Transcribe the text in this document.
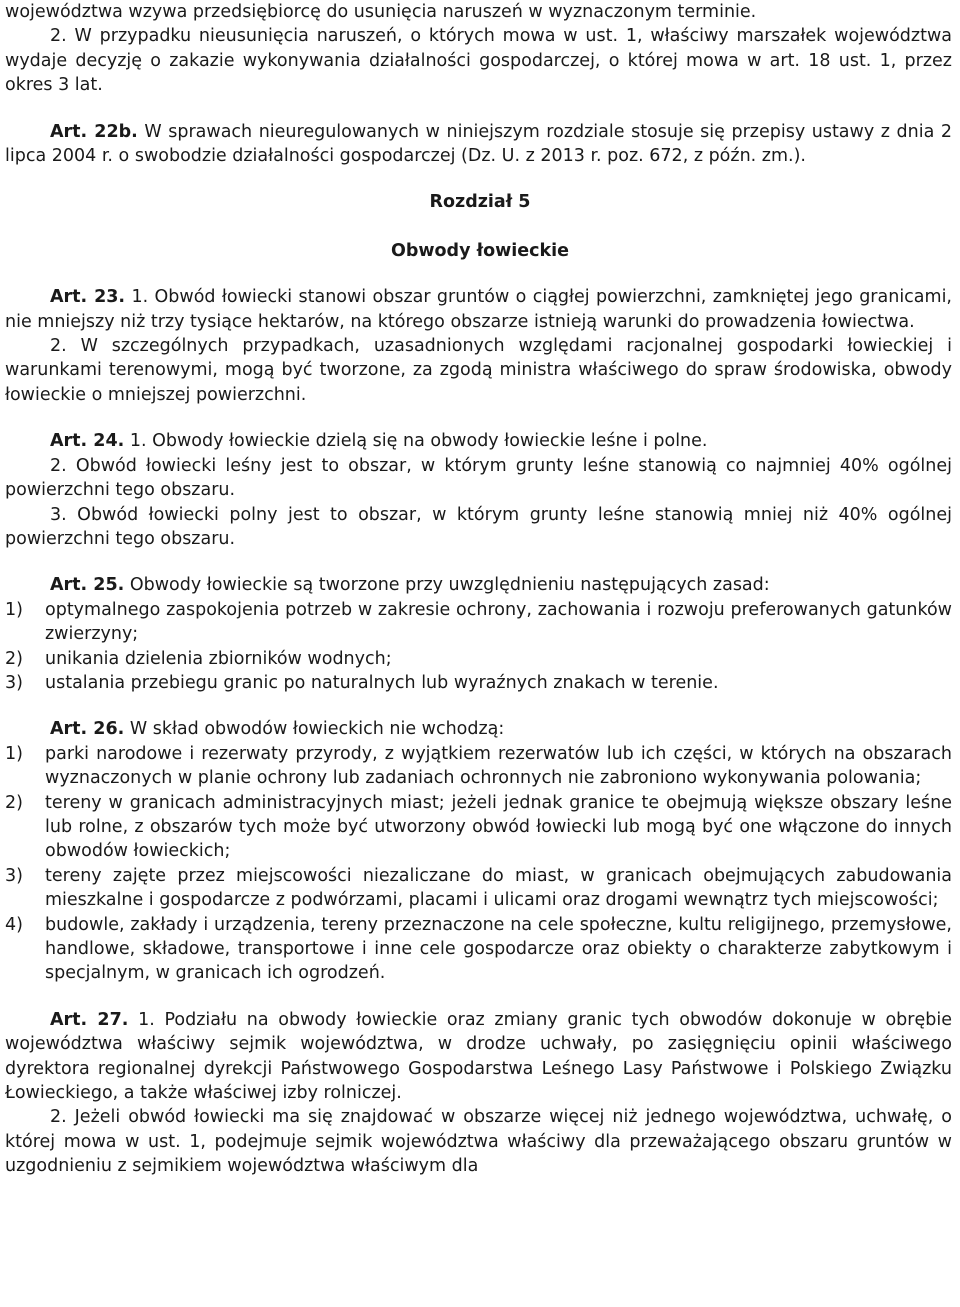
województwa wzywa przedsiębiorcę do usunięcia naruszeń w wyznaczonym terminie.

2. W przypadku nieusunięcia naruszeń, o których mowa w ust. 1, właściwy marszałek województwa wydaje decyzję o zakazie wykonywania działalności gospodarczej, o której mowa w art. 18 ust. 1, przez okres 3 lat.

Art. 22b. W sprawach nieuregulowanych w niniejszym rozdziale stosuje się przepisy ustawy z dnia 2 lipca 2004 r. o swobodzie działalności gospodarczej (Dz. U. z 2013 r. poz. 672, z późn. zm.).

Rozdział 5
Obwody łowieckie

Art. 23. 1. Obwód łowiecki stanowi obszar gruntów o ciągłej powierzchni, zamkniętej jego granicami, nie mniejszy niż trzy tysiące hektarów, na którego obszarze istnieją warunki do prowadzenia łowiectwa.

2. W szczególnych przypadkach, uzasadnionych względami racjonalnej gospodarki łowieckiej i warunkami terenowymi, mogą być tworzone, za zgodą ministra właściwego do spraw środowiska, obwody łowieckie o mniejszej powierzchni.

Art. 24. 1. Obwody łowieckie dzielą się na obwody łowieckie leśne i polne.

2. Obwód łowiecki leśny jest to obszar, w którym grunty leśne stanowią co najmniej 40% ogólnej powierzchni tego obszaru.

3. Obwód łowiecki polny jest to obszar, w którym grunty leśne stanowią mniej niż 40% ogólnej powierzchni tego obszaru.

Art. 25. Obwody łowieckie są tworzone przy uwzględnieniu następujących zasad:

1)	optymalnego zaspokojenia potrzeb w zakresie ochrony, zachowania i rozwoju preferowanych gatunków zwierzyny;
2)	unikania dzielenia zbiorników wodnych;
3)	ustalania przebiegu granic po naturalnych lub wyraźnych znakach w terenie.

Art. 26. W skład obwodów łowieckich nie wchodzą:

1)	parki narodowe i rezerwaty przyrody, z wyjątkiem rezerwatów lub ich części, w których na obszarach wyznaczonych w planie ochrony lub zadaniach ochronnych nie zabroniono wykonywania polowania;
2)	tereny w granicach administracyjnych miast; jeżeli jednak granice te obejmują większe obszary leśne lub rolne, z obszarów tych może być utworzony obwód łowiecki lub mogą być one włączone do innych obwodów łowieckich;
3)	tereny zajęte przez miejscowości niezaliczane do miast, w granicach obejmujących zabudowania mieszkalne i gospodarcze z podwórzami, placami i ulicami oraz drogami wewnątrz tych miejscowości;
4)	budowle, zakłady i urządzenia, tereny przeznaczone na cele społeczne, kultu religijnego, przemysłowe, handlowe, składowe, transportowe i inne cele gospodarcze oraz obiekty o charakterze zabytkowym i specjalnym, w granicach ich ogrodzeń.

Art. 27. 1. Podziału na obwody łowieckie oraz zmiany granic tych obwodów dokonuje w obrębie województwa właściwy sejmik województwa, w drodze uchwały, po zasięgnięciu opinii właściwego dyrektora regionalnej dyrekcji Państwowego Gospodarstwa Leśnego Lasy Państwowe i Polskiego Związku Łowieckiego, a także właściwej izby rolniczej.

2. Jeżeli obwód łowiecki ma się znajdować w obszarze więcej niż jednego województwa, uchwałę, o której mowa w ust. 1, podejmuje sejmik województwa właściwy dla przeważającego obszaru gruntów w uzgodnieniu z sejmikiem województwa właściwym dla
